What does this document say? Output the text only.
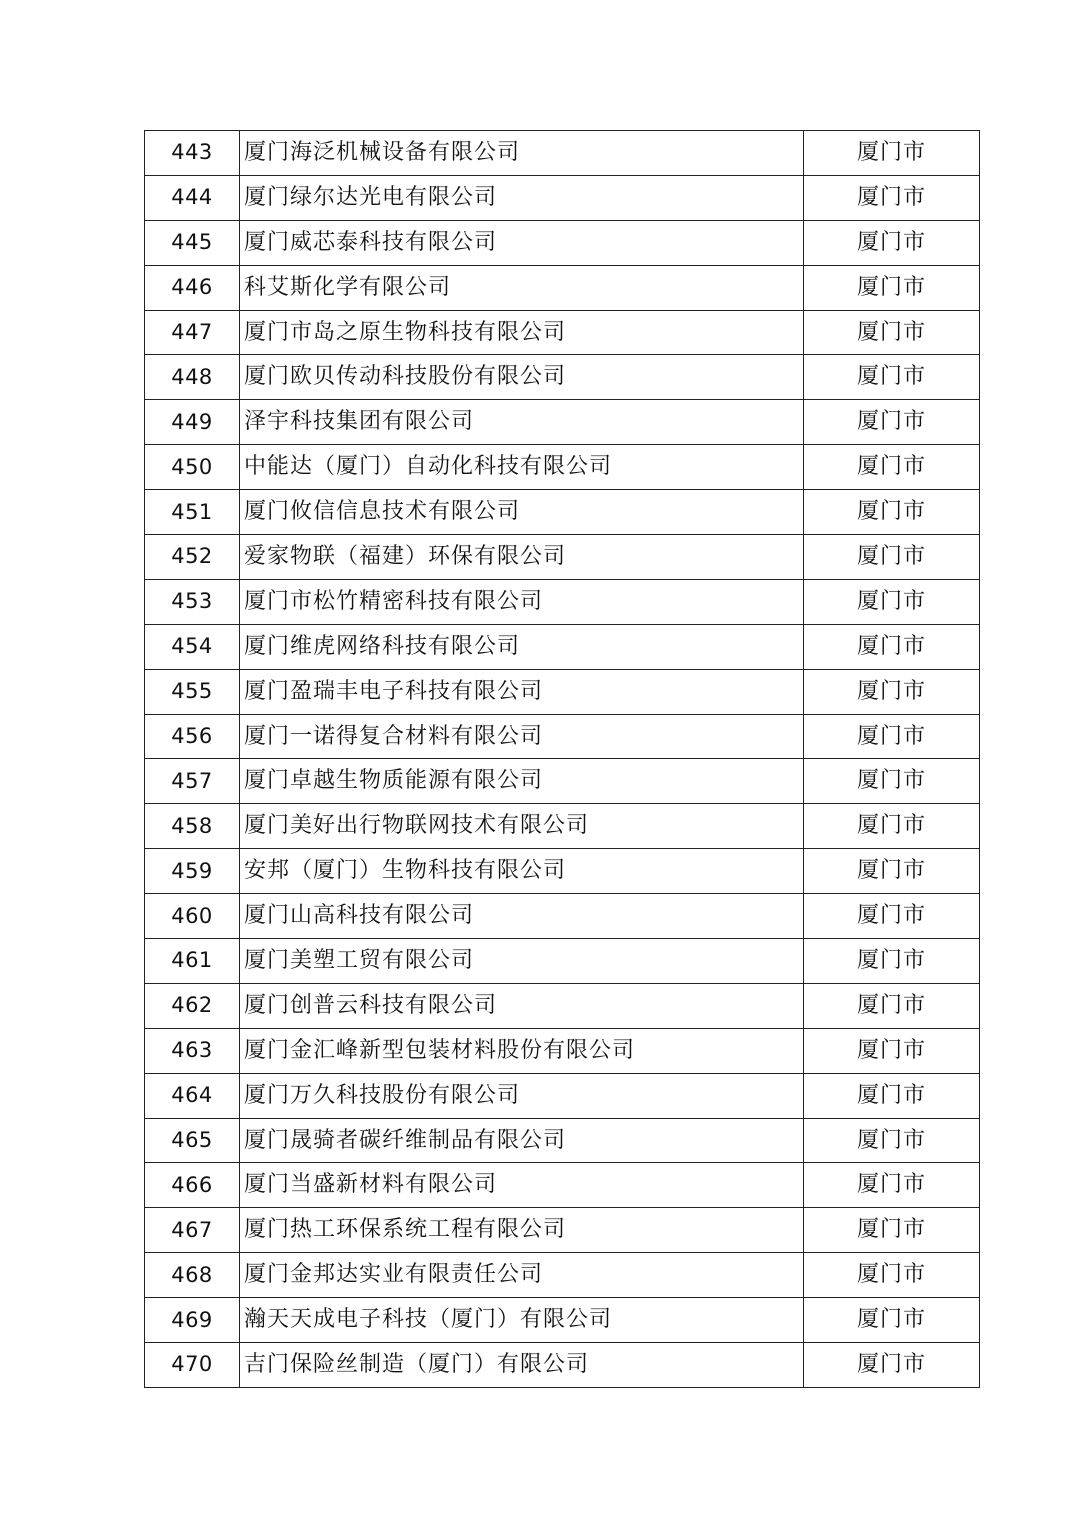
443	厦门海泛机械设备有限公司	厦门市
444	厦门绿尔达光电有限公司	厦门市
445	厦门威芯泰科技有限公司	厦门市
446	科艾斯化学有限公司	厦门市
447	厦门市岛之原生物科技有限公司	厦门市
448	厦门欧贝传动科技股份有限公司	厦门市
449	泽宇科技集团有限公司	厦门市
450	中能达（厦门）自动化科技有限公司	厦门市
451	厦门攸信信息技术有限公司	厦门市
452	爱家物联（福建）环保有限公司	厦门市
453	厦门市松竹精密科技有限公司	厦门市
454	厦门维虎网络科技有限公司	厦门市
455	厦门盈瑞丰电子科技有限公司	厦门市
456	厦门一诺得复合材料有限公司	厦门市
457	厦门卓越生物质能源有限公司	厦门市
458	厦门美好出行物联网技术有限公司	厦门市
459	安邦（厦门）生物科技有限公司	厦门市
460	厦门山高科技有限公司	厦门市
461	厦门美塑工贸有限公司	厦门市
462	厦门创普云科技有限公司	厦门市
463	厦门金汇峰新型包装材料股份有限公司	厦门市
464	厦门万久科技股份有限公司	厦门市
465	厦门晟骑者碳纤维制品有限公司	厦门市
466	厦门当盛新材料有限公司	厦门市
467	厦门热工环保系统工程有限公司	厦门市
468	厦门金邦达实业有限责任公司	厦门市
469	瀚天天成电子科技（厦门）有限公司	厦门市
470	吉门保险丝制造（厦门）有限公司	厦门市
